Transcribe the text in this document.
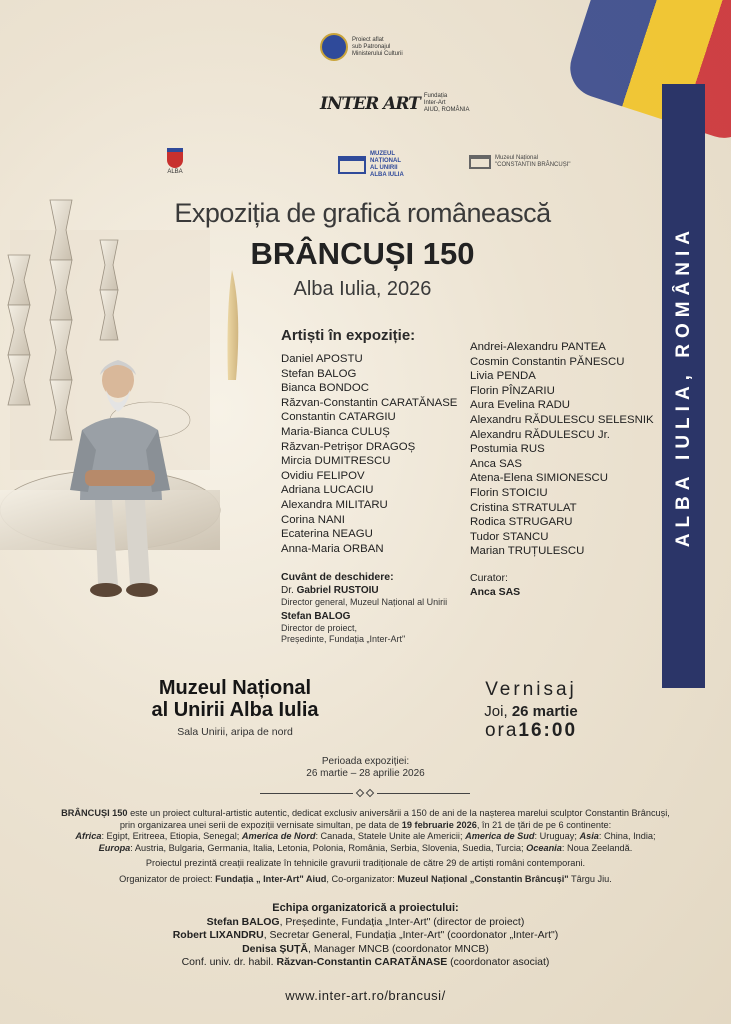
Proiect aflat
sub Patronajul
Ministerului Culturii
INTER ART Fundația
Inter-Art
AIUD, ROMÂNIA
ALBA
MUZEUL
NAȚIONAL
AL UNIRII
ALBA IULIA
Muzeul Național
"CONSTANTIN BRÂNCUȘI"
ALBA IULIA, ROMÂNIA
Expoziția de grafică românească
BRÂNCUȘI 150
Alba Iulia, 2026
Artiști în expoziție:
Daniel APOSTU
Stefan BALOG
Bianca BONDOC
Răzvan-Constantin CARATĂNASE
Constantin CATARGIU
Maria-Bianca CULUȘ
Răzvan-Petrișor DRAGOȘ
Mircia DUMITRESCU
Ovidiu FELIPOV
Adriana LUCACIU
Alexandra MILITARU
Corina NANI
Ecaterina NEAGU
Anna-Maria ORBAN
Andrei-Alexandru PANTEA
Cosmin Constantin PĂNESCU
Livia PENDA
Florin PÎNZARIU
Aura Evelina RADU
Alexandru RĂDULESCU SELESNIK
Alexandru RĂDULESCU Jr.
Postumia RUS
Anca SAS
Atena-Elena SIMIONESCU
Florin STOICIU
Cristina STRATULAT
Rodica STRUGARU
Tudor STANCU
Marian TRUȚULESCU
Cuvânt de deschidere:
Dr. Gabriel RUSTOIU
Director general, Muzeul Național al Unirii
Stefan BALOG
Director de proiect,
Președinte, Fundația „Inter-Art"
Curator:
Anca SAS
Muzeul Național
al Unirii Alba Iulia
Sala Unirii, aripa de nord
Vernisaj
Joi, 26 martie
ora16:00
Perioada expoziției:
26 martie – 28 aprilie 2026

BRÂNCUȘI 150 este un proiect cultural-artistic autentic, dedicat exclusiv aniversării a 150 de ani de la nașterea marelui sculptor Constantin Brâncuși,
prin organizarea unei serii de expoziții vernisate simultan, pe data de 19 februarie 2026, în 21 de țări de pe 6 continente:
Africa: Egipt, Eritreea, Etiopia, Senegal; America de Nord: Canada, Statele Unite ale Americii; America de Sud: Uruguay; Asia: China, India;
Europa: Austria, Bulgaria, Germania, Italia, Letonia, Polonia, România, Serbia, Slovenia, Suedia, Turcia; Oceania: Noua Zeelandă.

Proiectul prezintă creații realizate în tehnicile gravurii tradiționale de către 29 de artiști români contemporani.

Organizator de proiect: Fundația „ Inter-Art" Aiud, Co-organizator: Muzeul Național „Constantin Brâncuși" Târgu Jiu.

Echipa organizatorică a proiectului:
Stefan BALOG, Președinte, Fundația „Inter-Art" (director de proiect)
Robert LIXANDRU, Secretar General, Fundația „Inter-Art" (coordonator „Inter-Art")
Denisa ȘUȚĂ, Manager MNCB (coordonator MNCB)
Conf. univ. dr. habil. Răzvan-Constantin CARATĂNASE (coordonator asociat)
www.inter-art.ro/brancusi/
